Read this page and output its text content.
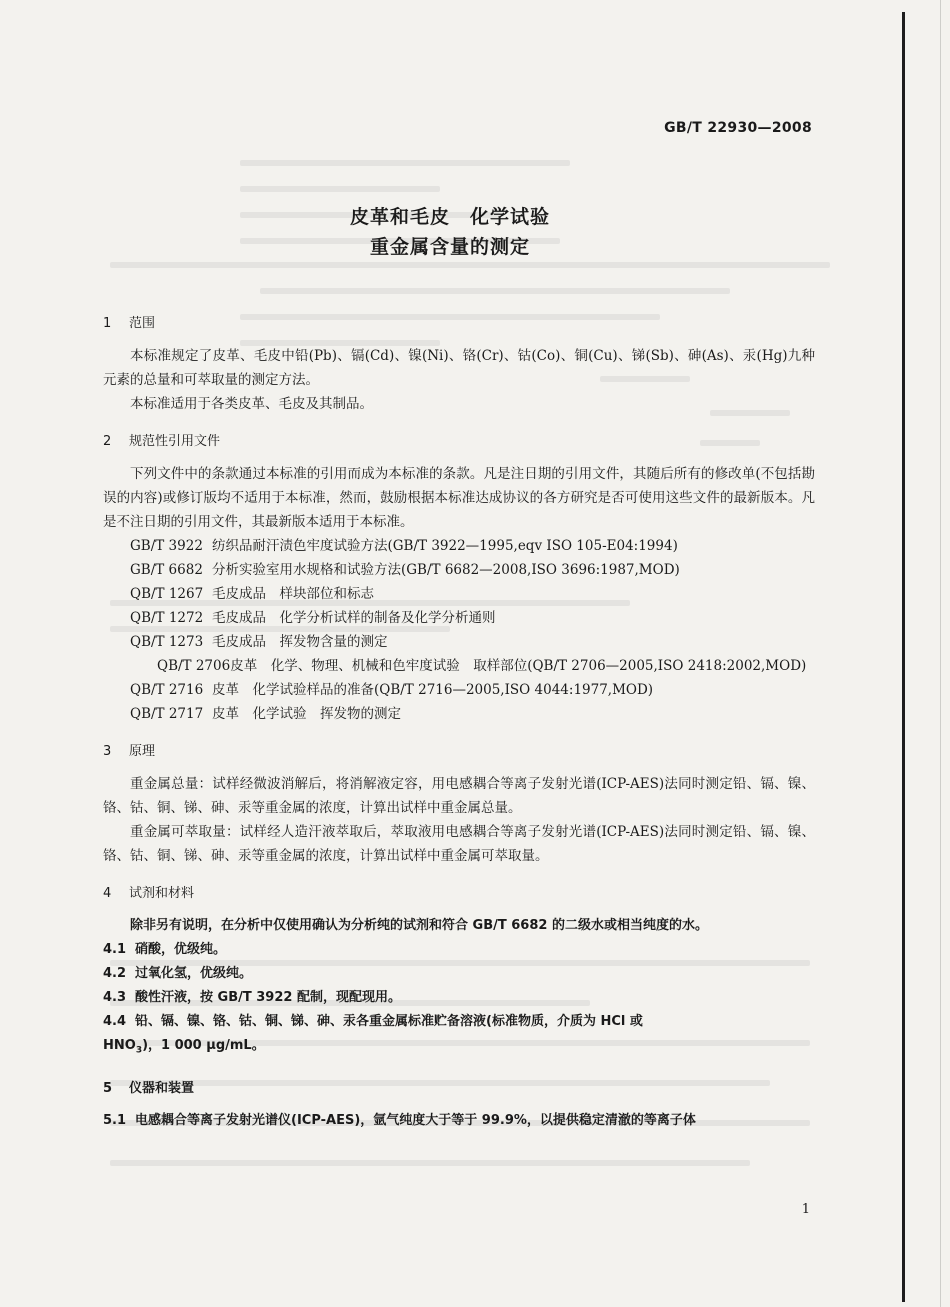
GB/T 22930—2008
皮革和毛皮　化学试验
重金属含量的测定

1 范围

本标准规定了皮革、毛皮中铅(Pb)、镉(Cd)、镍(Ni)、铬(Cr)、钴(Co)、铜(Cu)、锑(Sb)、砷(As)、汞(Hg)九种元素的总量和可萃取量的测定方法。

本标准适用于各类皮革、毛皮及其制品。

2 规范性引用文件

下列文件中的条款通过本标准的引用而成为本标准的条款。凡是注日期的引用文件，其随后所有的修改单(不包括勘误的内容)或修订版均不适用于本标准，然而，鼓励根据本标准达成协议的各方研究是否可使用这些文件的最新版本。凡是不注日期的引用文件，其最新版本适用于本标准。

GB/T 3922 纺织品耐汗渍色牢度试验方法(GB/T 3922—1995,eqv ISO 105-E04:1994)

GB/T 6682 分析实验室用水规格和试验方法(GB/T 6682—2008,ISO 3696:1987,MOD)

QB/T 1267 毛皮成品　样块部位和标志

QB/T 1272 毛皮成品　化学分析试样的制备及化学分析通则

QB/T 1273 毛皮成品　挥发物含量的测定

QB/T 2706皮革　化学、物理、机械和色牢度试验　取样部位(QB/T 2706—2005,ISO 2418:2002,MOD)

QB/T 2716 皮革　化学试验样品的准备(QB/T 2716—2005,ISO 4044:1977,MOD)

QB/T 2717 皮革　化学试验　挥发物的测定

3 原理

重金属总量：试样经微波消解后，将消解液定容，用电感耦合等离子发射光谱(ICP-AES)法同时测定铅、镉、镍、铬、钴、铜、锑、砷、汞等重金属的浓度，计算出试样中重金属总量。

重金属可萃取量：试样经人造汗液萃取后，萃取液用电感耦合等离子发射光谱(ICP-AES)法同时测定铅、镉、镍、铬、钴、铜、锑、砷、汞等重金属的浓度，计算出试样中重金属可萃取量。

4 试剂和材料

除非另有说明，在分析中仅使用确认为分析纯的试剂和符合 GB/T 6682 的二级水或相当纯度的水。

4.1 硝酸，优级纯。

4.2 过氧化氢，优级纯。

4.3 酸性汗液，按 GB/T 3922 配制，现配现用。

4.4 铅、镉、镍、铬、钴、铜、锑、砷、汞各重金属标准贮备溶液(标准物质，介质为 HCl 或
$HNO_3$)，1 000 μg/mL。

5 仪器和装置

5.1 电感耦合等离子发射光谱仪(ICP-AES)，氩气纯度大于等于 99.9%，以提供稳定清澈的等离子体

1
